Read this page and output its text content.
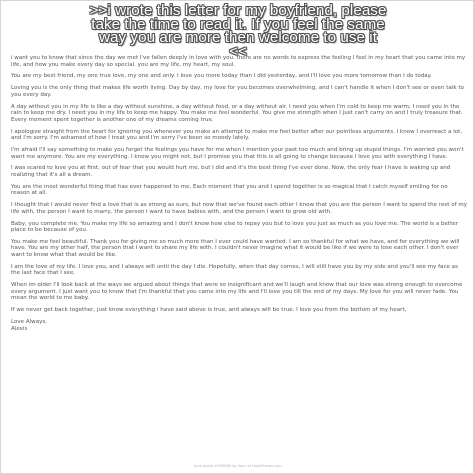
>>i wrote this letter for my boyfriend, please
take the time to read it. If you feel the same
way you are more then welcome to use it
<<

i want you to know that since the day we met I've fallen deeply in love with you. there are no words to express the feeling I feel in my heart that you came into my life, and how you make every day so special. you are my life, my heart, my soul.

You are my best friend, my one true love, my one and only. I love you more today than I did yesterday, and I'll love you more tomorrow than I do today.

Loving you is the only thing that makes life worth living. Day by day, my love for you becomes overwhelming, and I can't handle it when I don't see or even talk to you every day.

A day without you in my life is like a day without sunshine, a day without food, or a day without air. I need you when I'm cold to keep me warm; I need you in the rain to keep me dry. I need you in my life to keep me happy. You make me feel wonderful. You give me strength when I just can't carry on and I truly treasure that. Every moment spent together is another one of my dreams coming true.

I apologize straight from the heart for ignoring you whenever you make an attempt to make me feel better after our pointless arguments. I know I overreact a lot, and I'm sorry. I'm ashamed of how I treat you and I'm sorry I've been so moody lately.

I'm afraid I'll say something to make you forget the feelings you have for me when I mention your past too much and bring up stupid things. I'm worried you won't want me anymore. You are my everything. I know you might not, but I promise you that this is all going to change because I love you with everything I have.

I was scared to love you at first, out of fear that you would hurt me, but I did and it's the best thing I've ever done. Now, the only fear I have is waking up and realizing that it's all a dream.

You are the most wonderful thing that has ever happened to me. Each moment that you and I spend together is so magical that I catch myself smiling for no reason at all.

I thought that I would never find a love that is as strong as ours, but now that we've found each other I know that you are the person I want to spend the rest of my life with, the person I want to marry, the person I want to have babies with, and the person I want to grow old with.

Baby, you complete me. You make my life so amazing and I don't know how else to repay you but to love you just as much as you love me. The world is a better place to be because of you.

You make me feel beautiful. Thank you for giving me so much more than I ever could have wanted. I am so thankful for what we have, and for everything we will have. You are my other half, the person that I want to share my life with. I couldn't never imagine what it would be like if we were to lose each other. I don't ever want to know what that would be like.

I am the love of my life. I love you, and I always will until the day I die. Hopefully, when that day comes, I will still have you by my side and you'll see my face as the last face that I see.

When im older I'll look back at the ways we argued about things that were so insignificant and we'll laugh and know that our love was strong enough to overcome every argument. I just want you to know that I'm thankful that you came into my life and I'll love you till the end of my days. My love for you will never fade. You mean the world to me baby.

If we never get back together, just know everything i have said above is true, and always will be true. I love you from the bottom of my heart,

Love Always,
Alexis

love quote #390080 by ilovu at textoFrasas.com
